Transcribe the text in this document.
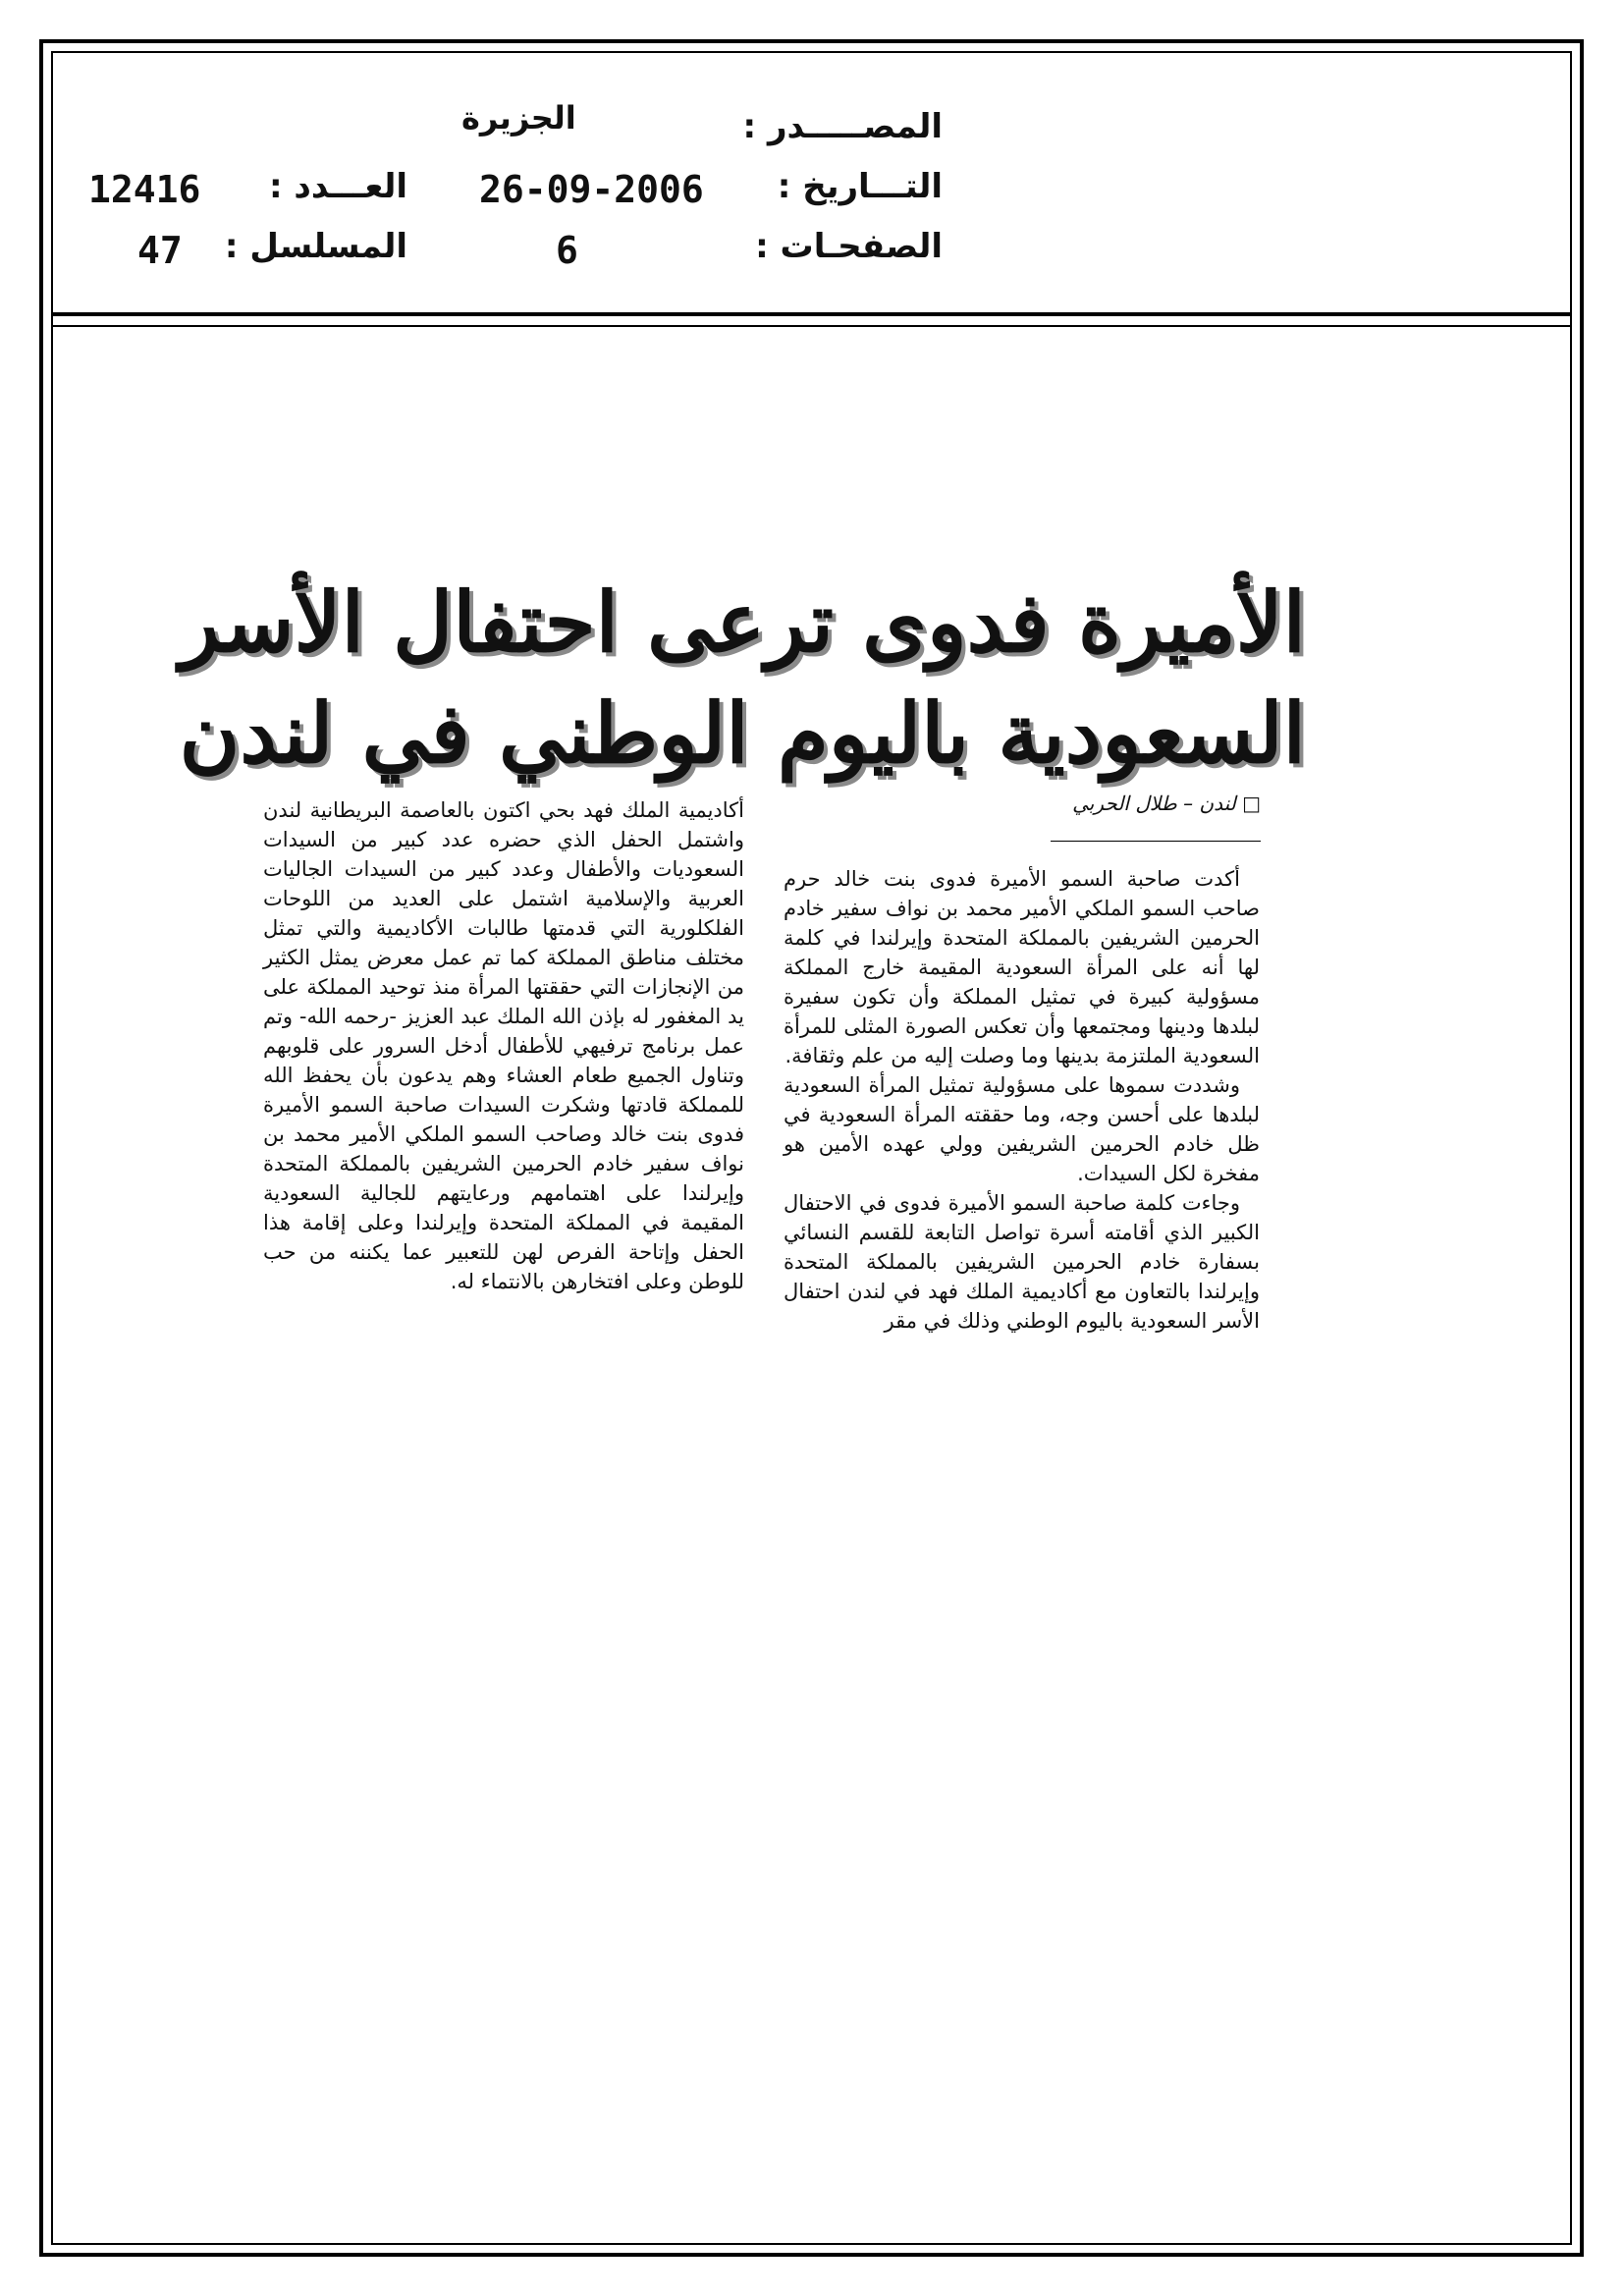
المصـــــدر :
الجزيرة
التـــاريخ :
26-09-2006
العـــدد :
12416
الصفحـات :
6
المسلسل :
47
الأميرة فدوى ترعى احتفال الأسر
السعودية باليوم الوطني في لندن
□ لندن – طلال الحربي

أكدت صاحبة السمو الأميرة فدوى بنت خالد حرم صاحب السمو الملكي الأمير محمد بن نواف سفير خادم الحرمين الشريفين بالمملكة المتحدة وإيرلندا في كلمة لها أنه على المرأة السعودية المقيمة خارج المملكة مسؤولية كبيرة في تمثيل المملكة وأن تكون سفيرة لبلدها ودينها ومجتمعها وأن تعكس الصورة المثلى للمرأة السعودية الملتزمة بدينها وما وصلت إليه من علم وثقافة.

وشددت سموها على مسؤولية تمثيل المرأة السعودية لبلدها على أحسن وجه، وما حققته المرأة السعودية في ظل خادم الحرمين الشريفين وولي عهده الأمين هو مفخرة لكل السيدات.

وجاءت كلمة صاحبة السمو الأميرة فدوى في الاحتفال الكبير الذي أقامته أسرة تواصل التابعة للقسم النسائي بسفارة خادم الحرمين الشريفين بالمملكة المتحدة وإيرلندا بالتعاون مع أكاديمية الملك فهد في لندن احتفال الأسر السعودية باليوم الوطني وذلك في مقر

أكاديمية الملك فهد بحي اكتون بالعاصمة البريطانية لندن واشتمل الحفل الذي حضره عدد كبير من السيدات السعوديات والأطفال وعدد كبير من السيدات الجاليات العربية والإسلامية اشتمل على العديد من اللوحات الفلكلورية التي قدمتها طالبات الأكاديمية والتي تمثل مختلف مناطق المملكة كما تم عمل معرض يمثل الكثير من الإنجازات التي حققتها المرأة منذ توحيد المملكة على يد المغفور له بإذن الله الملك عبد العزيز -رحمه الله- وتم عمل برنامج ترفيهي للأطفال أدخل السرور على قلوبهم وتناول الجميع طعام العشاء وهم يدعون بأن يحفظ الله للمملكة قادتها وشكرت السيدات صاحبة السمو الأميرة فدوى بنت خالد وصاحب السمو الملكي الأمير محمد بن نواف سفير خادم الحرمين الشريفين بالمملكة المتحدة وإيرلندا على اهتمامهم ورعايتهم للجالية السعودية المقيمة في المملكة المتحدة وإيرلندا وعلى إقامة هذا الحفل وإتاحة الفرص لهن للتعبير عما يكننه من حب للوطن وعلى افتخارهن بالانتماء له.
